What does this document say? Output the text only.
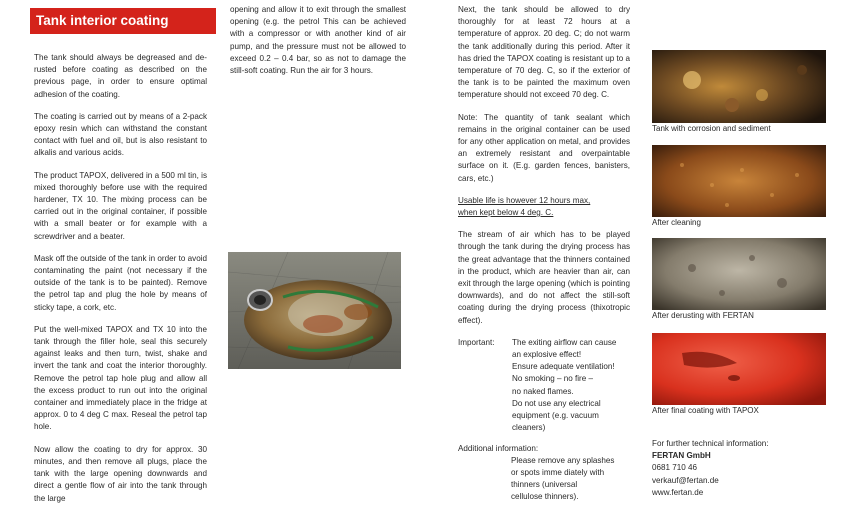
Tank interior coating

The tank should always be degreased and de-rusted before coating as described on the previous page, in order to ensure optimal adhesion of the coating.

The coating is carried out by means of a 2-pack epoxy resin which can withstand the constant contact with fuel and oil, but is also resistant to alkalis and various acids.

The product TAPOX, delivered in a 500 ml tin, is mixed thoroughly before use with the required hardener, TX 10. The mixing process can be carried out in the original container, if possible with a small beater or for example with a screwdriver and a beater.

Mask off the outside of the tank in order to avoid contaminating the paint (not necessary if the outside of the tank is to be painted). Remove the petrol tap and plug the hole by means of sticky tape, a cork, etc.

Put the well-mixed TAPOX and TX 10 into the tank through the filler hole, seal this securely against leaks and then turn, twist, shake and invert the tank and coat the interior thoroughly. Remove the petrol tap hole plug and allow all the excess product to run out into the original container and immediately place in the fridge at approx. 0 to 4 deg C max. Reseal the petrol tap hole.

Now allow the coating to dry for approx. 30 minutes, and then remove all plugs, place the tank with the large opening downwards and direct a gentle flow of air into the tank through the large

opening and allow it to exit through the smallest opening (e.g. the petrol This can be achieved with a compressor or with another kind of air pump, and the pressure must not be allowed to exceed 0.2 – 0.4 bar, so as not to damage the still-soft coating. Run the air for 3 hours.

Next, the tank should be allowed to dry thoroughly for at least 72 hours at a temperature of approx. 20 deg. C; do not warm the tank additionally during this period. After it has dried the TAPOX coating is resistant up to a temperature of 70 deg. C, so if the exterior of the tank is to be painted the maximum oven temperature should not exceed 70 deg. C.

Note: The quantity of tank sealant which remains in the original container can be used for any other application on metal, and provides an extremely resistant and overpaintable surface on it. (E.g. garden fences, banisters, cars, etc.)

Usable life is however 12 hours max,
when kept below 4 deg. C.

The stream of air which has to be played through the tank during the drying process has the great advantage that the thinners contained in the product, which are heavier than air, can exit through the large opening (which is pointing downwards), and do not affect the still-soft coating during the drying process (thixotropic effect).

Important:	The exiting airflow can cause
an explosive effect!
Ensure adequate ventilation!
No smoking – no fire –
no naked flames.
Do not use any electrical
equipment (e.g. vacuum cleaners)
Additional information:
Please remove any splashes
or spots imme diately with
thinners (universal
cellulose thinners).
Tank with corrosion and sediment
After cleaning
After derusting with FERTAN
After final coating with TAPOX
For further technical information:
FERTAN GmbH
0681 710 46
verkauf@fertan.de
www.fertan.de
